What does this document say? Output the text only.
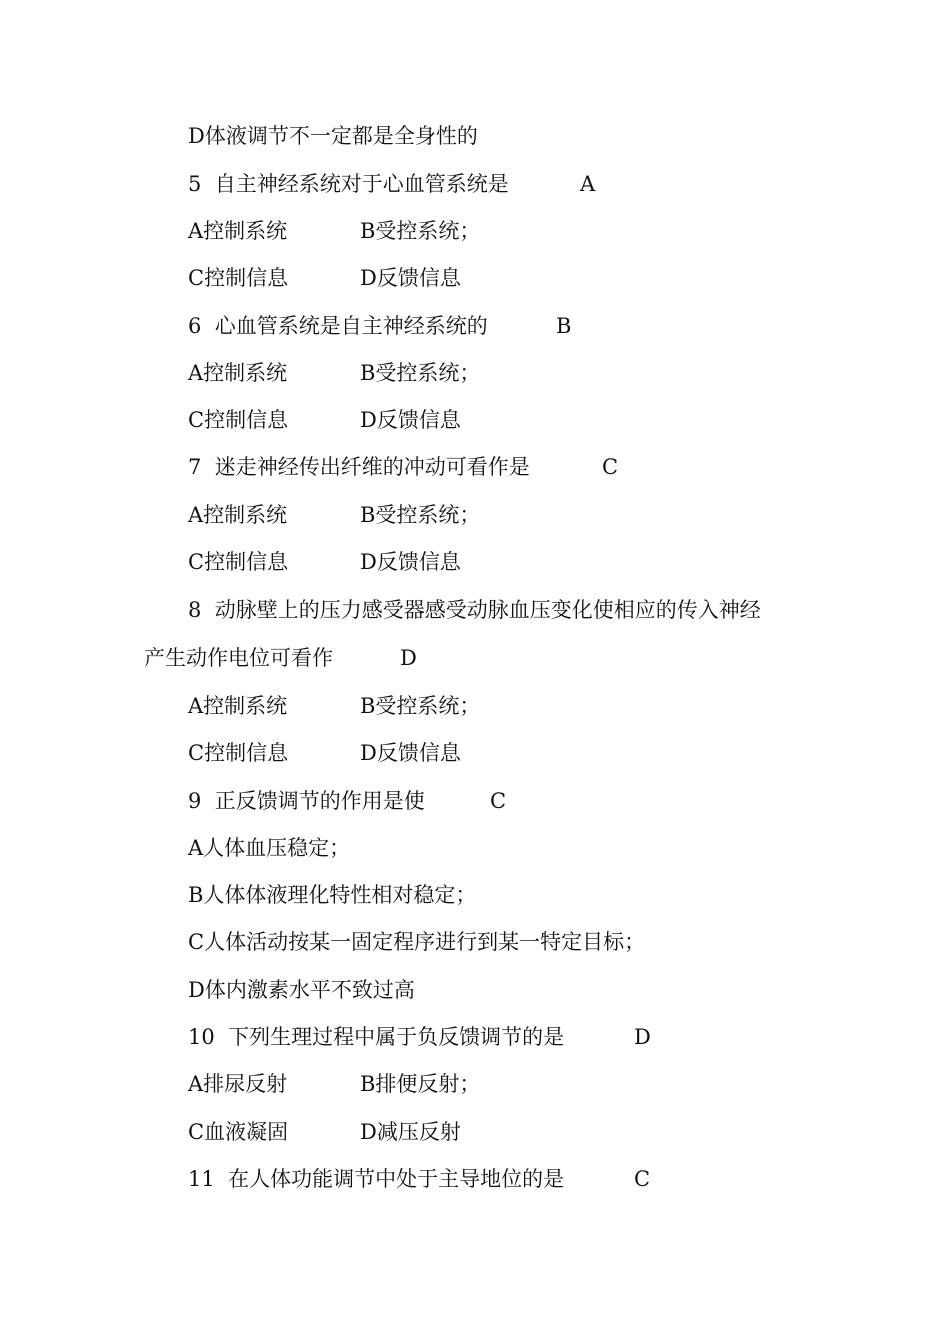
D体液调节不一定都是全身性的
5  自主神经系统对于心血管系统是	A
A控制系统	B受控系统；
C控制信息	D反馈信息
6  心血管系统是自主神经系统的	B
A控制系统	B受控系统；
C控制信息	D反馈信息
7  迷走神经传出纤维的冲动可看作是	C
A控制系统	B受控系统；
C控制信息	D反馈信息
8  动脉壁上的压力感受器感受动脉血压变化使相应的传入神经
产生动作电位可看作	D
A控制系统	B受控系统；
C控制信息	D反馈信息
9  正反馈调节的作用是使	C
A人体血压稳定；
B人体体液理化特性相对稳定；
C人体活动按某一固定程序进行到某一特定目标；
D体内激素水平不致过高
10  下列生理过程中属于负反馈调节的是	D
A排尿反射	B排便反射；
C血液凝固	D减压反射
11  在人体功能调节中处于主导地位的是	C
